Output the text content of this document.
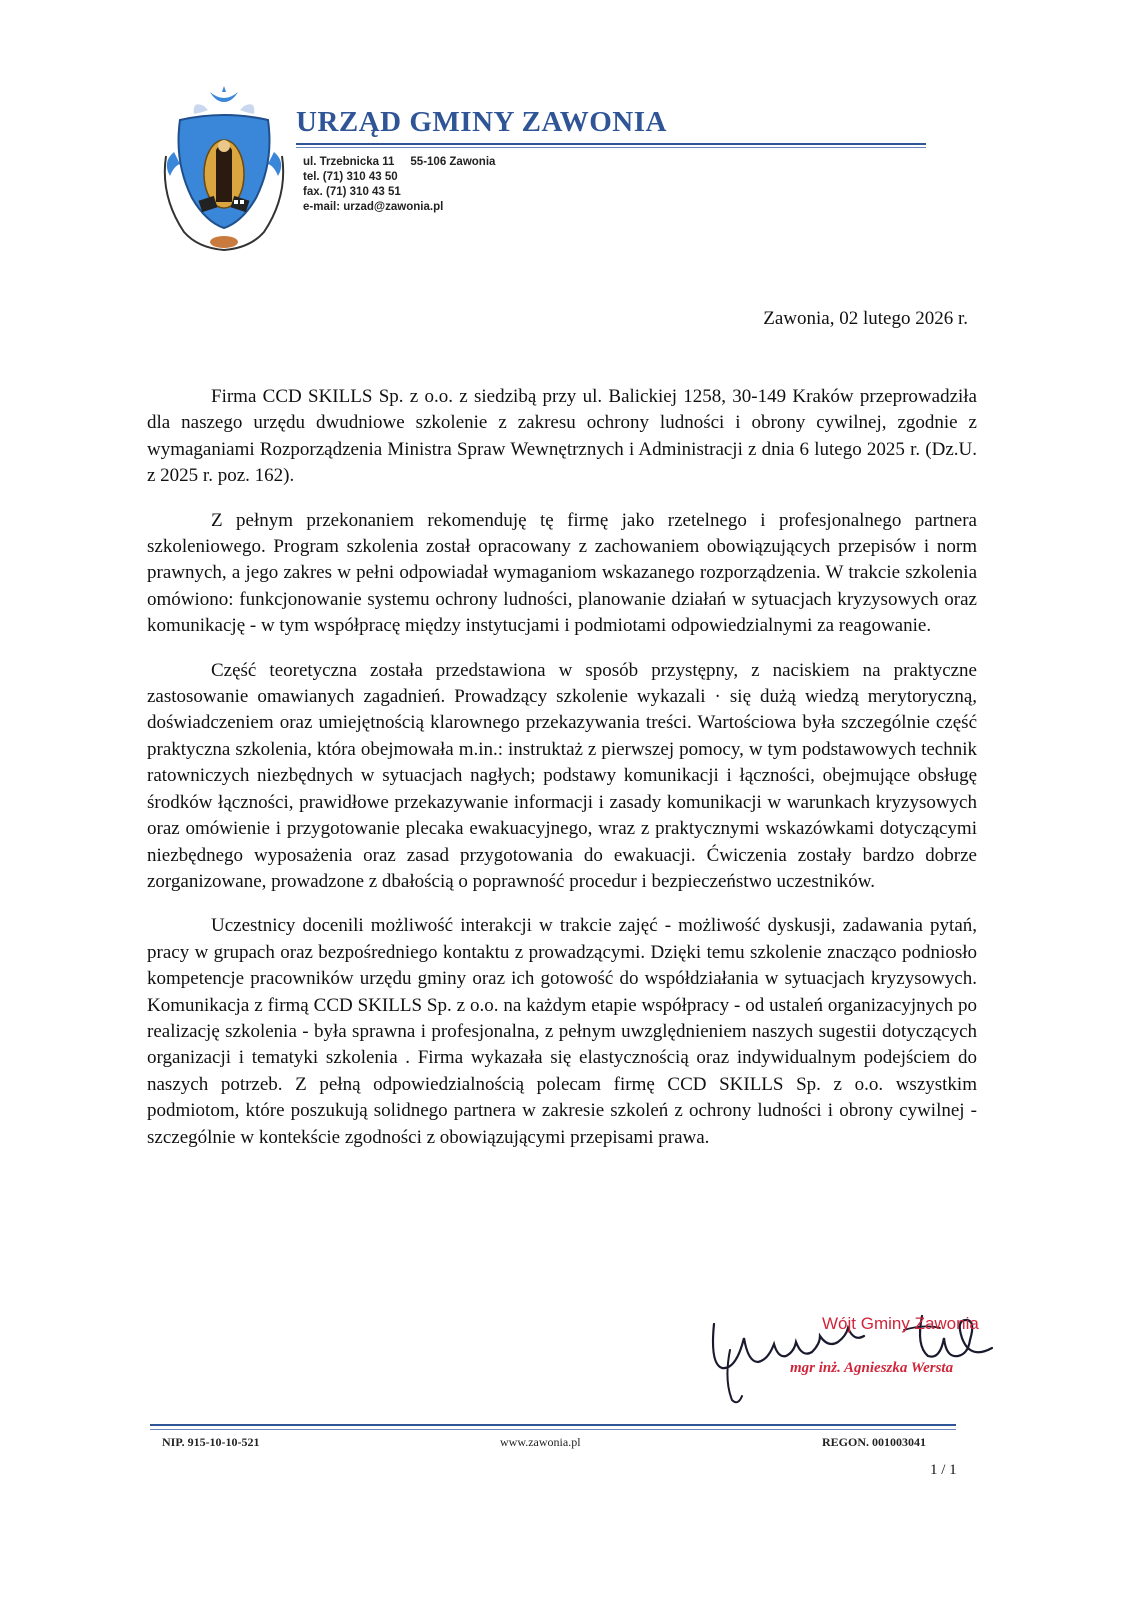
URZĄD GMINY ZAWONIA
ul. Trzebnicka 11 55-106 Zawonia
tel. (71) 310 43 50
fax. (71) 310 43 51
e-mail: urzad@zawonia.pl
Zawonia, 02 lutego 2026 r.

Firma CCD SKILLS Sp. z o.o. z siedzibą przy ul. Balickiej 1258, 30-149 Kraków przeprowadziła dla naszego urzędu dwudniowe szkolenie z zakresu ochrony ludności i obrony cywilnej, zgodnie z wymaganiami Rozporządzenia Ministra Spraw Wewnętrznych i Administracji z dnia 6 lutego 2025 r. (Dz.U. z 2025 r. poz. 162).

Z pełnym przekonaniem rekomenduję tę firmę jako rzetelnego i profesjonalnego partnera szkoleniowego. Program szkolenia został opracowany z zachowaniem obowiązujących przepisów i norm prawnych, a jego zakres w pełni odpowiadał wymaganiom wskazanego rozporządzenia. W trakcie szkolenia omówiono: funkcjonowanie systemu ochrony ludności, planowanie działań w sytuacjach kryzysowych oraz komunikację - w tym współpracę między instytucjami i podmiotami odpowiedzialnymi za reagowanie.

Część teoretyczna została przedstawiona w sposób przystępny, z naciskiem na praktyczne zastosowanie omawianych zagadnień. Prowadzący szkolenie wykazali · się dużą wiedzą merytoryczną, doświadczeniem oraz umiejętnością klarownego przekazywania treści. Wartościowa była szczególnie część praktyczna szkolenia, która obejmowała m.in.: instruktaż z pierwszej pomocy, w tym podstawowych technik ratowniczych niezbędnych w sytuacjach nagłych; podstawy komunikacji i łączności, obejmujące obsługę środków łączności, prawidłowe przekazywanie informacji i zasady komunikacji w warunkach kryzysowych oraz omówienie i przygotowanie plecaka ewakuacyjnego, wraz z praktycznymi wskazówkami dotyczącymi niezbędnego wyposażenia oraz zasad przygotowania do ewakuacji. Ćwiczenia zostały bardzo dobrze zorganizowane, prowadzone z dbałością o poprawność procedur i bezpieczeństwo uczestników.

Uczestnicy docenili możliwość interakcji w trakcie zajęć - możliwość dyskusji, zadawania pytań, pracy w grupach oraz bezpośredniego kontaktu z prowadzącymi. Dzięki temu szkolenie znacząco podniosło kompetencje pracowników urzędu gminy oraz ich gotowość do współdziałania w sytuacjach kryzysowych. Komunikacja z firmą CCD SKILLS Sp. z o.o. na każdym etapie współpracy - od ustaleń organizacyjnych po realizację szkolenia - była sprawna i profesjonalna, z pełnym uwzględnieniem naszych sugestii dotyczących organizacji i tematyki szkolenia . Firma wykazała się elastycznością oraz indywidualnym podejściem do naszych potrzeb. Z pełną odpowiedzialnością polecam firmę CCD SKILLS Sp. z o.o. wszystkim podmiotom, które poszukują solidnego partnera w zakresie szkoleń z ochrony ludności i obrony cywilnej - szczególnie w kontekście zgodności z obowiązującymi przepisami prawa.

Wójt Gminy Zawonia
mgr inż. Agnieszka Wersta
NIP. 915-10-10-521	www.zawonia.pl	REGON. 001003041
1 / 1
